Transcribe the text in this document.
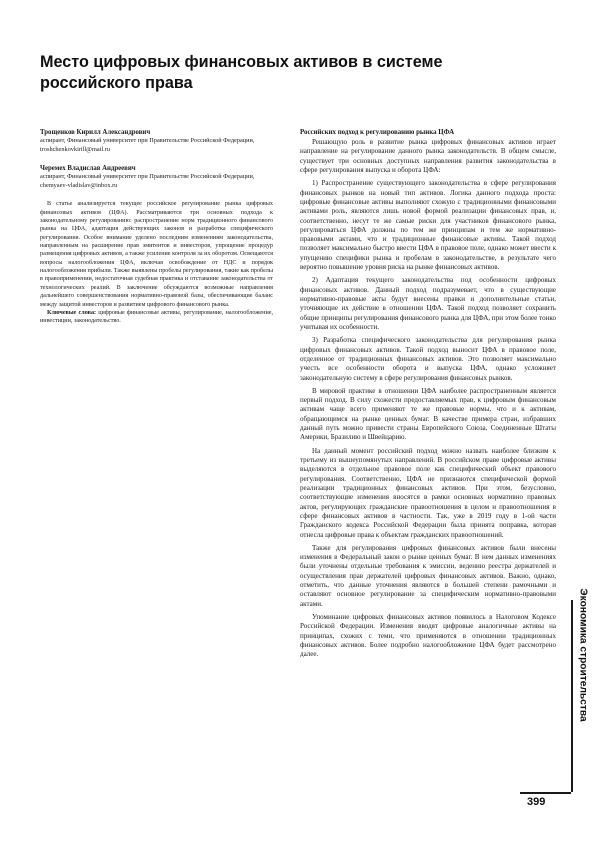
Место цифровых финансовых активов в системе российского права
Трощенков Кирилл Александрович
аспирант, Финансовый университет при Правительстве Российской Федерации,
troshchenkovkirill@mail.ru
Черемех Владислав Андреевич
аспирант, Финансовый университет при Правительстве Российской Федерации,
chemyaev-vladislav@inbox.ru
В статье анализируется текущее российское регулирование рынка цифровых финансовых активов (ЦФА). Рассматриваются три основных подхода к законодательному регулированию: распространение норм традиционного финансового рынка на ЦФА, адаптация действующих законов и разработка специфического регулирования. Особое внимание уделено последним изменениям законодательства, направленным на расширение прав эмитентов и инвесторов, упрощение процедур размещения цифровых активов, а также усиление контроля за их оборотом. Освещаются вопросы налогообложения ЦФА, включая освобождение от НДС и порядок налогообложения прибыли. Также выявлены пробелы регулирования, такие как пробелы в правоприменении, недостаточная судебная практика и отставание законодательства от технологических реалий. В заключение обсуждаются возможные направления дальнейшего совершенствования нормативно-правовой базы, обеспечивающие баланс между защитой инвесторов и развитием цифрового финансового рынка.
Ключевые слова: цифровые финансовые активы, регулирование, налогообложение, инвестиции, законодательство.
Российских подход к регулированию рынка ЦФА

Решающую роль в развитие рынка цифровых финансовых активов играет направление на регулирование данного рынка законодательств. В общем смысле, существует три основных доступных направления развития законодательства в сфере регулирования выпуска и оборота ЦФА:

1) Распространение существующего законодательства в сфере регулирования финансовых рынков на новый тип активов. Логика данного подхода проста: цифровые финансовые активы выполняют схожую с традиционными финансовыми активами роль, являются лишь новой формой реализации финансовых прав, и, соответственно, несут те же самые риски для участников финансового рынка, регулироваться ЦФА должны по тем же принципам и тем же нормативно-правовыми актами, что и традиционные финансовые активы. Такой подход позволяет максимально быстро ввести ЦФА в правовое поле, однако может ввести к упущению специфики рынка и пробелам в законодательстве, в результате чего вероятно повышение уровня риска на рынке финансовых активов.

2) Адаптация текущего законодательства под особенности цифровых финансовых активов. Данный подход подразумевает, что в существующие нормативно-правовые акты будут внесены правки и дополнительные статьи, уточняющие их действие в отношении ЦФА. Такой подход позволяет сохранить общие принципы регулирования финансового рынка для ЦФА, при этом более тонко учитывая их особенности.

3) Разработка специфического законодательства для регулирования рынка цифровых финансовых активов. Такой подход выносит ЦФА в правовое поле, отделенное от традиционных финансовых активов. Это позволяет максимально учесть все особенности оборота и выпуска ЦФА, однако усложняет законодательную систему в сфере регулирования финансовых рынков.

В мировой практике в отношении ЦФА наиболее распространенным является первый подход. В силу схожести предоставляемых прав, к цифровым финансовым активам чаще всего применяют те же правовые нормы, что и к активам, обращающимся на рынке ценных бумаг. В качестве примера стран, избравших данный путь можно привести страны Европейского Союза, Соединенные Штаты Америки, Бразилию и Швейцарию.

На данный момент российский подход можно назвать наиболее близким к третьему из вышеупомянутых направлений. В российском праве цифровые активы выделяются в отдельное правовое поле как специфический объект правового регулирования. Соответственно, ЦФА не признаются специфической формой реализации традиционных финансовых активов. При этом, безусловно, соответствующие изменения вносятся в рамки основных нормативно правовых актов, регулирующих гражданские правоотношения в целом и правоотношения в сфере финансовых активов в частности. Так, уже в 2019 году в 1-ой части Гражданского кодекса Российской Федерации была принята поправка, которая отнесла цифровые права к объектам гражданских правоотношений.

Также для регулирования цифровых финансовых активов были внесены изменения в Федеральный закон о рынке ценных бумаг. В нем данных изменениях были уточнены отдельные требования к эмиссии, ведению реестра держателей и осуществления прав держателей цифровых финансовых активов. Важно, однако, отметить, что данные уточнения являются в большей степени рамочными и оставляют основное регулирование за специфическим нормативно-правовыми актами.

Упоминание цифровых финансовых активов появилось в Налоговом Кодексе Российской Федерации. Изменения вводят цифровые аналогичные активы на принципах, схожих с теми, что применяются в отношении традиционных финансовых активов. Более подробно налогообложение ЦФА будет рассмотрено далее.	Экономика строительства
399
